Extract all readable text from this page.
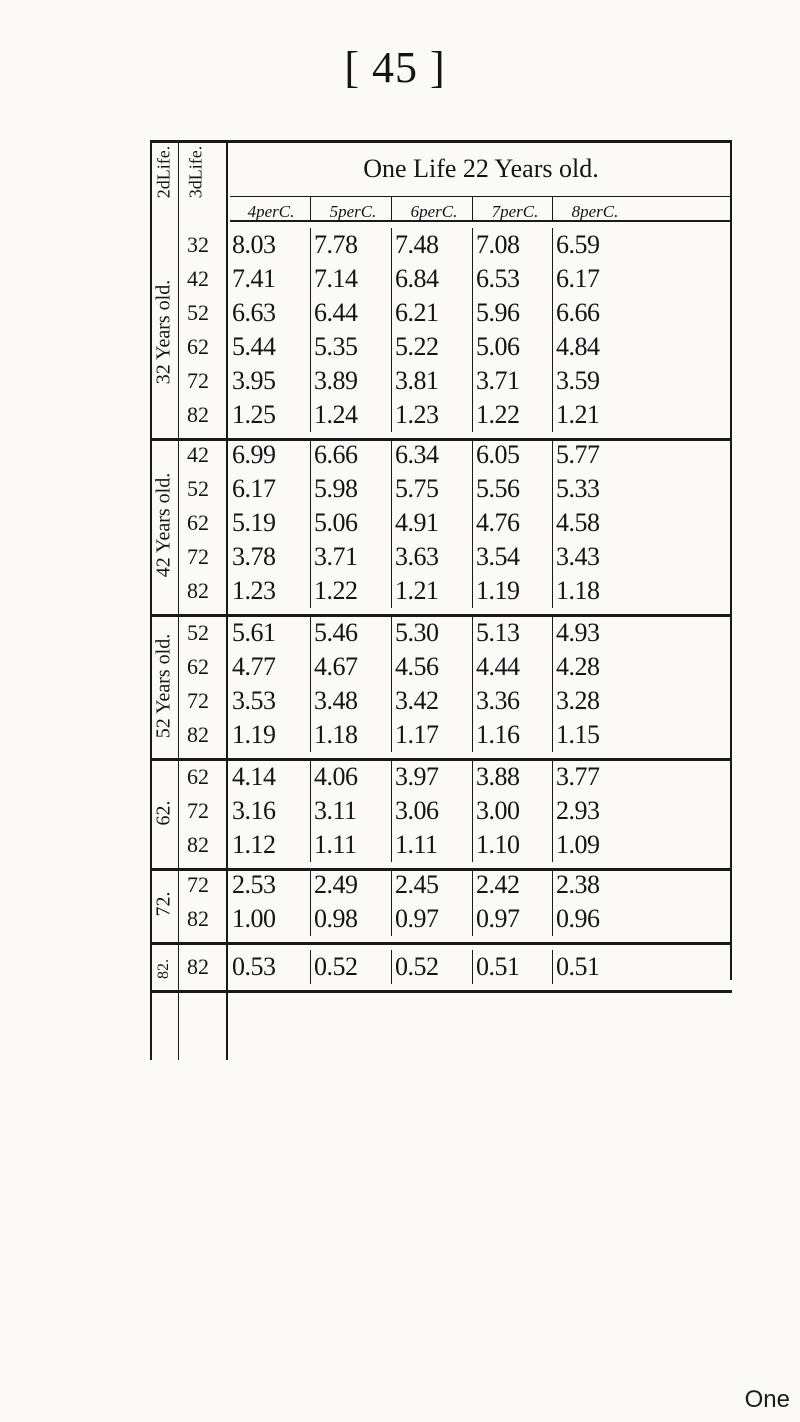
[ 45 ]
One Life 22 Years old.
2dLife. 3dLife.
4perC.	5perC.	6perC.	7perC.	8perC.
32 Years old.
32 8.03	7.78	7.48	7.08	6.59
42 7.41	7.14	6.84	6.53	6.17
52 6.63	6.44	6.21	5.96	6.66
62 5.44	5.35	5.22	5.06	4.84
72 3.95	3.89	3.81	3.71	3.59
82 1.25	1.24	1.23	1.22	1.21
42 Years old.
42 6.99	6.66	6.34	6.05	5.77
52 6.17	5.98	5.75	5.56	5.33
62 5.19	5.06	4.91	4.76	4.58
72 3.78	3.71	3.63	3.54	3.43
82 1.23	1.22	1.21	1.19	1.18
52 Years old.
52 5.61	5.46	5.30	5.13	4.93
62 4.77	4.67	4.56	4.44	4.28
72 3.53	3.48	3.42	3.36	3.28
82 1.19	1.18	1.17	1.16	1.15
62.
62 4.14	4.06	3.97	3.88	3.77
72 3.16	3.11	3.06	3.00	2.93
82 1.12	1.11	1.11	1.10	1.09
72.
72 2.53	2.49	2.45	2.42	2.38
82 1.00	0.98	0.97	0.97	0.96
82. 82 0.53	0.52	0.52	0.51	0.51
One
